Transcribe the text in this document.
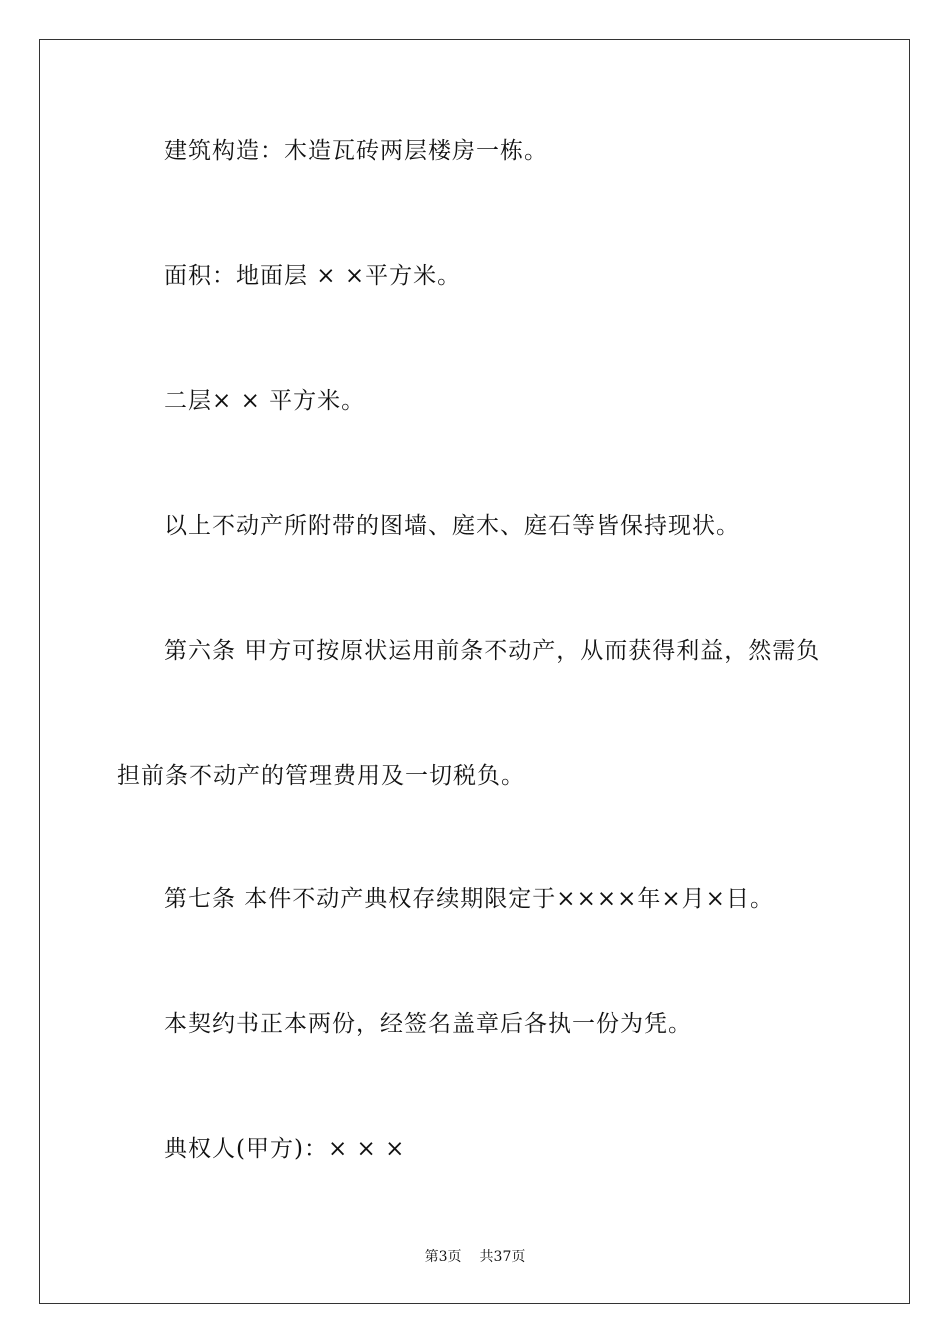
建筑构造：木造瓦砖两层楼房一栋。
面积：地面层 × ×平方米。
二层× × 平方米。
以上不动产所附带的图墙、庭木、庭石等皆保持现状。
第六条 甲方可按原状运用前条不动产，从而获得利益，然需负
担前条不动产的管理费用及一切税负。
第七条 本件不动产典权存续期限定于××××年×月×日。
本契约书正本两份，经签名盖章后各执一份为凭。
典权人(甲方)：× × ×
第3页 共37页
